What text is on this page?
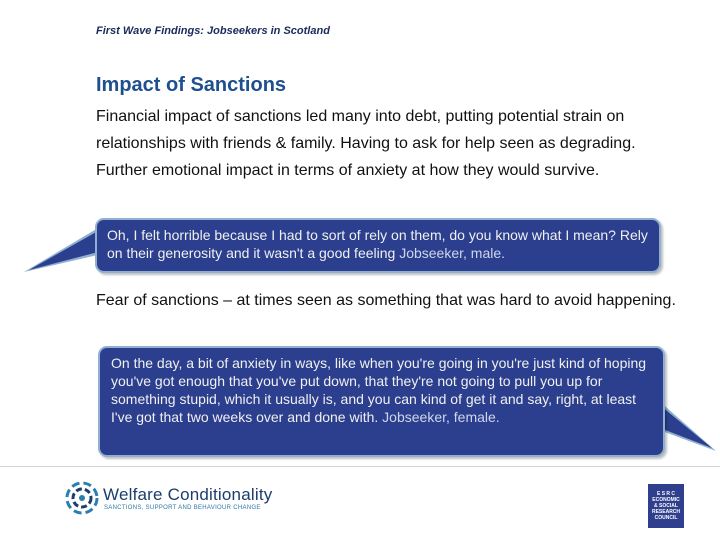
First Wave Findings: Jobseekers in Scotland
Impact of Sanctions
Financial impact of sanctions led many into debt, putting potential strain on relationships with friends & family. Having to ask for help seen as degrading. Further emotional impact in terms of anxiety at how they would survive.
Oh, I felt horrible because I had to sort of rely on them, do you know what I mean? Rely on their generosity and it wasn't a good feeling Jobseeker, male.
Fear of sanctions – at times seen as something that was hard to avoid happening.
On the day, a bit of anxiety in ways, like when you're going in you're just kind of hoping you've got enough that you've put down, that they're not going to pull you up for something stupid, which it usually is, and you can kind of get it and say, right, at least I've got that two weeks over and done with. Jobseeker, female.
Welfare Conditionality
SANCTIONS, SUPPORT AND BEHAVIOUR CHANGE
E S R C
ECONOMIC
& SOCIAL
RESEARCH
COUNCIL
